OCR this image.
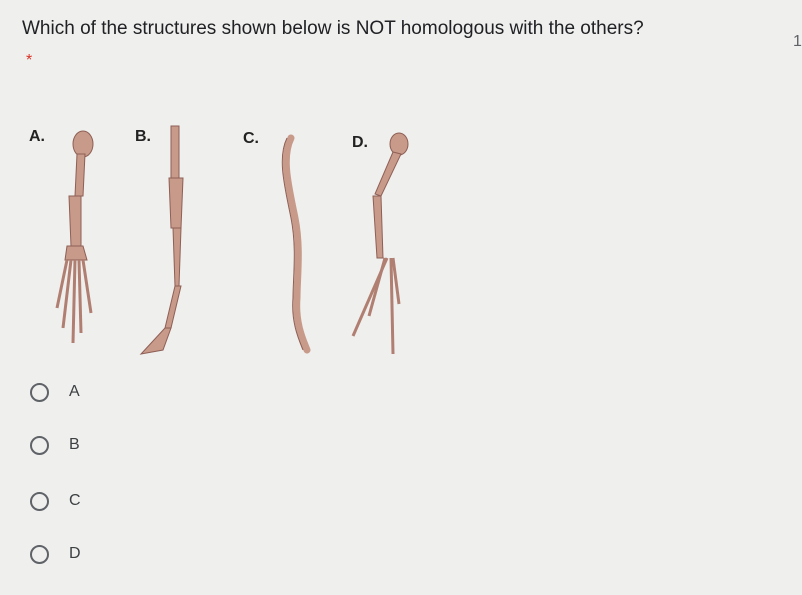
Which of the structures shown below is NOT homologous with the others?
1
*
A.	B.	C.	D.
A
B
C
D
